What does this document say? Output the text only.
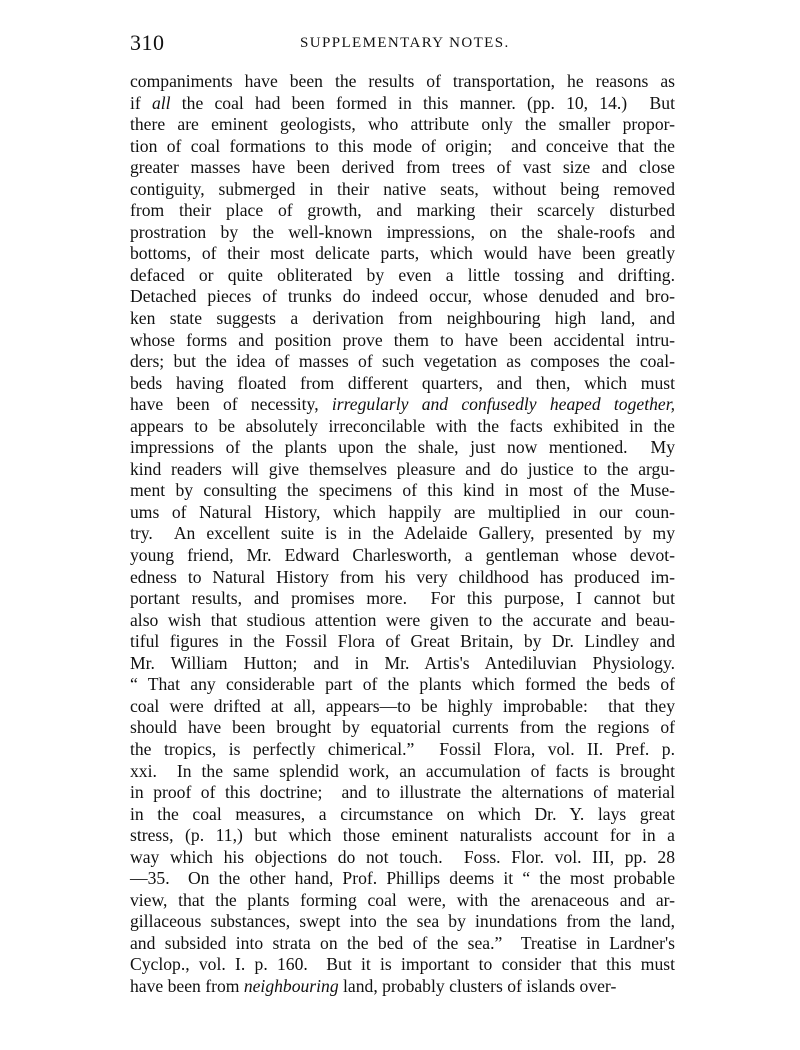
310	SUPPLEMENTARY NOTES.
companiments have been the results of transportation, he reasons as
if all the coal had been formed in this manner. (pp. 10, 14.)  But
there are eminent geologists, who attribute only the smaller propor-
tion of coal formations to this mode of origin;  and conceive that the
greater masses have been derived from trees of vast size and close
contiguity, submerged in their native seats, without being removed
from their place of growth, and marking their scarcely disturbed
prostration by the well-known impressions, on the shale-roofs and
bottoms, of their most delicate parts, which would have been greatly
defaced or quite obliterated by even a little tossing and drifting.
Detached pieces of trunks do indeed occur, whose denuded and bro-
ken state suggests a derivation from neighbouring high land, and
whose forms and position prove them to have been accidental intru-
ders; but the idea of masses of such vegetation as composes the coal-
beds having floated from different quarters, and then, which must
have been of necessity, irregularly and confusedly heaped together,
appears to be absolutely irreconcilable with the facts exhibited in the
impressions of the plants upon the shale, just now mentioned.  My
kind readers will give themselves pleasure and do justice to the argu-
ment by consulting the specimens of this kind in most of the Muse-
ums of Natural History, which happily are multiplied in our coun-
try.  An excellent suite is in the Adelaide Gallery, presented by my
young friend, Mr. Edward Charlesworth, a gentleman whose devot-
edness to Natural History from his very childhood has produced im-
portant results, and promises more.  For this purpose, I cannot but
also wish that studious attention were given to the accurate and beau-
tiful figures in the Fossil Flora of Great Britain, by Dr. Lindley and
Mr. William Hutton; and in Mr. Artis's Antediluvian Physiology.
“ That any considerable part of the plants which formed the beds of
coal were drifted at all, appears—to be highly improbable:  that they
should have been brought by equatorial currents from the regions of
the tropics, is perfectly chimerical.”  Fossil Flora, vol. II. Pref. p.
xxi.  In the same splendid work, an accumulation of facts is brought
in proof of this doctrine;  and to illustrate the alternations of material
in the coal measures, a circumstance on which Dr. Y. lays great
stress, (p. 11,) but which those eminent naturalists account for in a
way which his objections do not touch.  Foss. Flor. vol. III, pp. 28
—35.  On the other hand, Prof. Phillips deems it “ the most probable
view, that the plants forming coal were, with the arenaceous and ar-
gillaceous substances, swept into the sea by inundations from the land,
and subsided into strata on the bed of the sea.”  Treatise in Lardner's
Cyclop., vol. I. p. 160.  But it is important to consider that this must
have been from neighbouring land, probably clusters of islands over-
